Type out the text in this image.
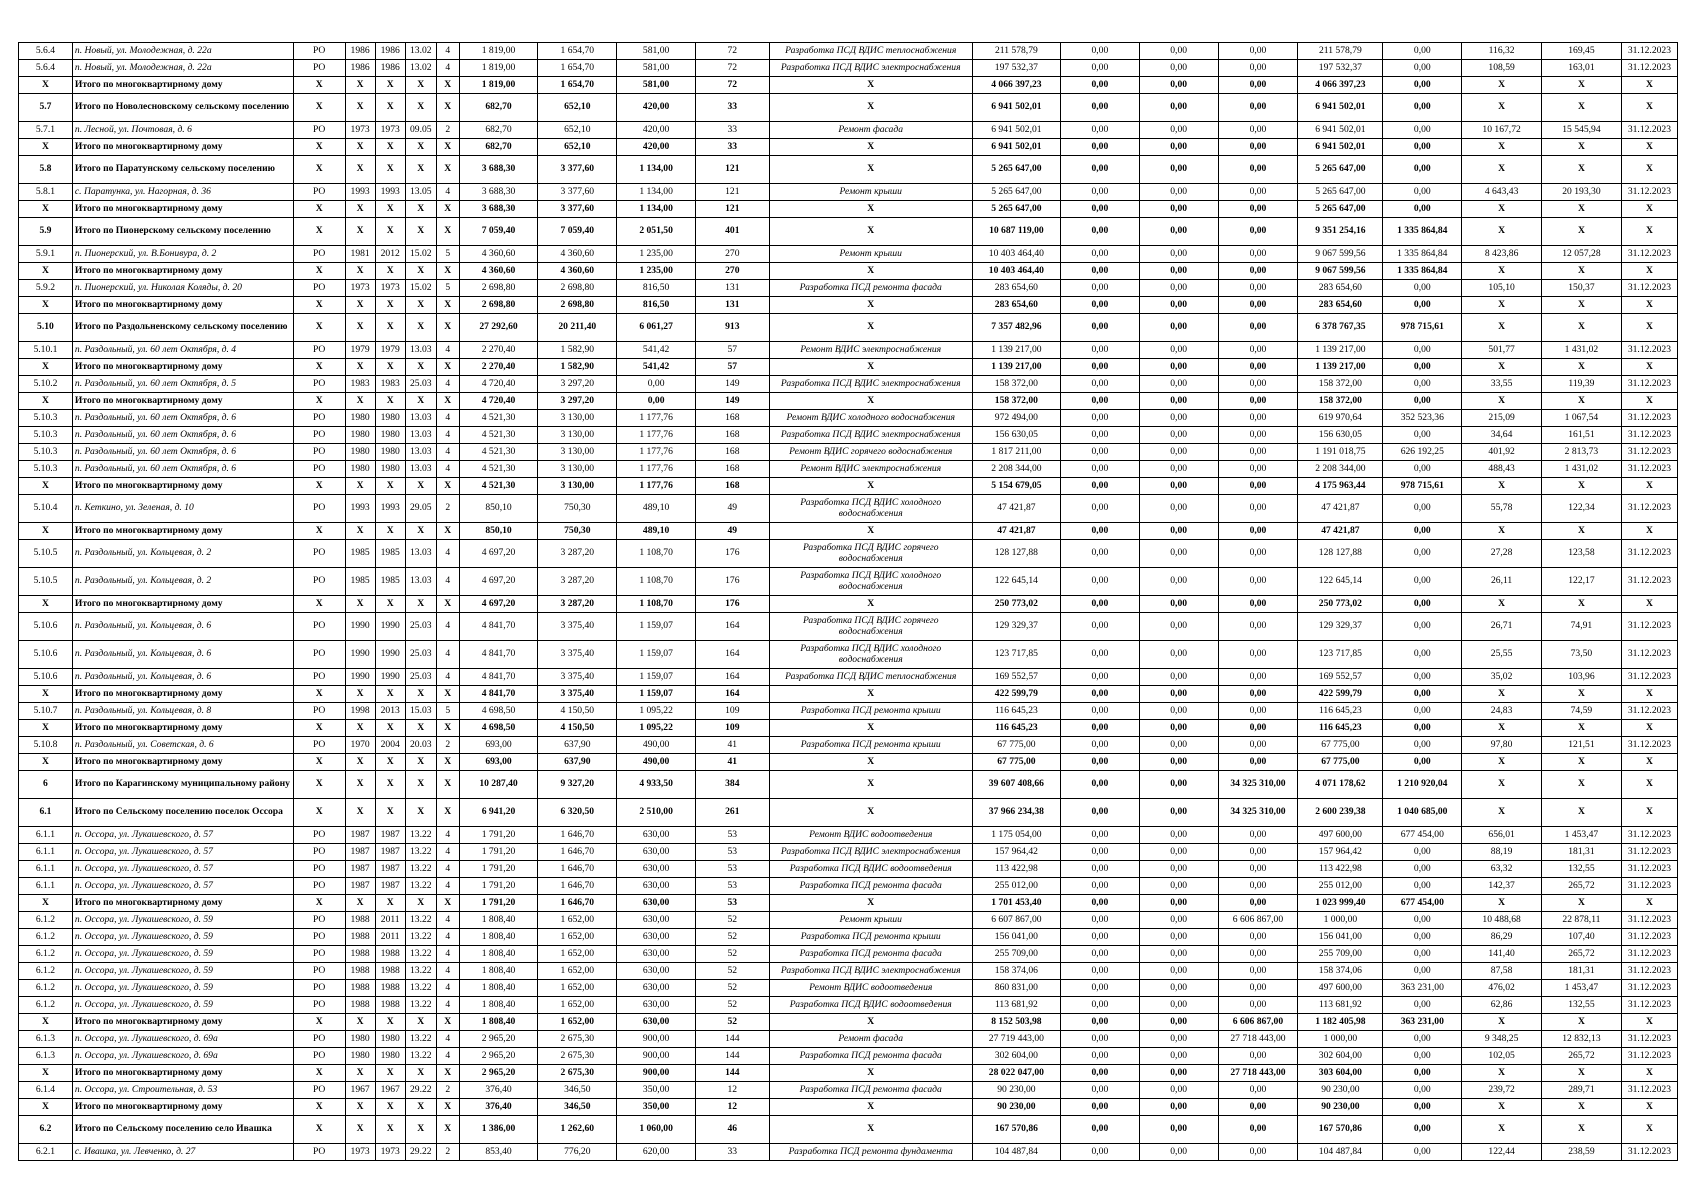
5.6.4	п. Новый, ул. Молодежная, д. 22а	РО	1986	1986	13.02	4	1 819,00	1 654,70	581,00	72	Разработка ПСД ВДИС теплоснабжения	211 578,79	0,00	0,00	0,00	211 578,79	0,00	116,32	169,45	31.12.2023
5.6.4	п. Новый, ул. Молодежная, д. 22а	РО	1986	1986	13.02	4	1 819,00	1 654,70	581,00	72	Разработка ПСД ВДИС электроснабжения	197 532,37	0,00	0,00	0,00	197 532,37	0,00	108,59	163,01	31.12.2023
X	Итого по многоквартирному дому	X	X	X	X	X	1 819,00	1 654,70	581,00	72	X	4 066 397,23	0,00	0,00	0,00	4 066 397,23	0,00	X	X	X
5.7	Итого по Новолесновскому сельскому поселению	X	X	X	X	X	682,70	652,10	420,00	33	X	6 941 502,01	0,00	0,00	0,00	6 941 502,01	0,00	X	X	X
5.7.1	п. Лесной, ул. Почтовая, д. 6	РО	1973	1973	09.05	2	682,70	652,10	420,00	33	Ремонт фасада	6 941 502,01	0,00	0,00	0,00	6 941 502,01	0,00	10 167,72	15 545,94	31.12.2023
X	Итого по многоквартирному дому	X	X	X	X	X	682,70	652,10	420,00	33	X	6 941 502,01	0,00	0,00	0,00	6 941 502,01	0,00	X	X	X
5.8	Итого по Паратунскому сельскому поселению	X	X	X	X	X	3 688,30	3 377,60	1 134,00	121	X	5 265 647,00	0,00	0,00	0,00	5 265 647,00	0,00	X	X	X
5.8.1	с. Паратунка, ул. Нагорная, д. 36	РО	1993	1993	13.05	4	3 688,30	3 377,60	1 134,00	121	Ремонт крыши	5 265 647,00	0,00	0,00	0,00	5 265 647,00	0,00	4 643,43	20 193,30	31.12.2023
X	Итого по многоквартирному дому	X	X	X	X	X	3 688,30	3 377,60	1 134,00	121	X	5 265 647,00	0,00	0,00	0,00	5 265 647,00	0,00	X	X	X
5.9	Итого по Пионерскому сельскому поселению	X	X	X	X	X	7 059,40	7 059,40	2 051,50	401	X	10 687 119,00	0,00	0,00	0,00	9 351 254,16	1 335 864,84	X	X	X
5.9.1	п. Пионерский, ул. В.Бонивура, д. 2	РО	1981	2012	15.02	5	4 360,60	4 360,60	1 235,00	270	Ремонт крыши	10 403 464,40	0,00	0,00	0,00	9 067 599,56	1 335 864,84	8 423,86	12 057,28	31.12.2023
X	Итого по многоквартирному дому	X	X	X	X	X	4 360,60	4 360,60	1 235,00	270	X	10 403 464,40	0,00	0,00	0,00	9 067 599,56	1 335 864,84	X	X	X
5.9.2	п. Пионерский, ул. Николая Коляды, д. 20	РО	1973	1973	15.02	5	2 698,80	2 698,80	816,50	131	Разработка ПСД ремонта фасада	283 654,60	0,00	0,00	0,00	283 654,60	0,00	105,10	150,37	31.12.2023
X	Итого по многоквартирному дому	X	X	X	X	X	2 698,80	2 698,80	816,50	131	X	283 654,60	0,00	0,00	0,00	283 654,60	0,00	X	X	X
5.10	Итого по Раздольненскому сельскому поселению	X	X	X	X	X	27 292,60	20 211,40	6 061,27	913	X	7 357 482,96	0,00	0,00	0,00	6 378 767,35	978 715,61	X	X	X
5.10.1	п. Раздольный, ул. 60 лет Октября, д. 4	РО	1979	1979	13.03	4	2 270,40	1 582,90	541,42	57	Ремонт ВДИС электроснабжения	1 139 217,00	0,00	0,00	0,00	1 139 217,00	0,00	501,77	1 431,02	31.12.2023
X	Итого по многоквартирному дому	X	X	X	X	X	2 270,40	1 582,90	541,42	57	X	1 139 217,00	0,00	0,00	0,00	1 139 217,00	0,00	X	X	X
5.10.2	п. Раздольный, ул. 60 лет Октября, д. 5	РО	1983	1983	25.03	4	4 720,40	3 297,20	0,00	149	Разработка ПСД ВДИС электроснабжения	158 372,00	0,00	0,00	0,00	158 372,00	0,00	33,55	119,39	31.12.2023
X	Итого по многоквартирному дому	X	X	X	X	X	4 720,40	3 297,20	0,00	149	X	158 372,00	0,00	0,00	0,00	158 372,00	0,00	X	X	X
5.10.3	п. Раздольный, ул. 60 лет Октября, д. 6	РО	1980	1980	13.03	4	4 521,30	3 130,00	1 177,76	168	Ремонт ВДИС холодного водоснабжения	972 494,00	0,00	0,00	0,00	619 970,64	352 523,36	215,09	1 067,54	31.12.2023
5.10.3	п. Раздольный, ул. 60 лет Октября, д. 6	РО	1980	1980	13.03	4	4 521,30	3 130,00	1 177,76	168	Разработка ПСД ВДИС электроснабжения	156 630,05	0,00	0,00	0,00	156 630,05	0,00	34,64	161,51	31.12.2023
5.10.3	п. Раздольный, ул. 60 лет Октября, д. 6	РО	1980	1980	13.03	4	4 521,30	3 130,00	1 177,76	168	Ремонт ВДИС горячего водоснабжения	1 817 211,00	0,00	0,00	0,00	1 191 018,75	626 192,25	401,92	2 813,73	31.12.2023
5.10.3	п. Раздольный, ул. 60 лет Октября, д. 6	РО	1980	1980	13.03	4	4 521,30	3 130,00	1 177,76	168	Ремонт ВДИС электроснабжения	2 208 344,00	0,00	0,00	0,00	2 208 344,00	0,00	488,43	1 431,02	31.12.2023
X	Итого по многоквартирному дому	X	X	X	X	X	4 521,30	3 130,00	1 177,76	168	X	5 154 679,05	0,00	0,00	0,00	4 175 963,44	978 715,61	X	X	X
5.10.4	п. Кеткино, ул. Зеленая, д. 10	РО	1993	1993	29.05	2	850,10	750,30	489,10	49	Разработка ПСД ВДИС холодного водоснабжения	47 421,87	0,00	0,00	0,00	47 421,87	0,00	55,78	122,34	31.12.2023
X	Итого по многоквартирному дому	X	X	X	X	X	850,10	750,30	489,10	49	X	47 421,87	0,00	0,00	0,00	47 421,87	0,00	X	X	X
5.10.5	п. Раздольный, ул. Кольцевая, д. 2	РО	1985	1985	13.03	4	4 697,20	3 287,20	1 108,70	176	Разработка ПСД ВДИС горячего водоснабжения	128 127,88	0,00	0,00	0,00	128 127,88	0,00	27,28	123,58	31.12.2023
5.10.5	п. Раздольный, ул. Кольцевая, д. 2	РО	1985	1985	13.03	4	4 697,20	3 287,20	1 108,70	176	Разработка ПСД ВДИС холодного водоснабжения	122 645,14	0,00	0,00	0,00	122 645,14	0,00	26,11	122,17	31.12.2023
X	Итого по многоквартирному дому	X	X	X	X	X	4 697,20	3 287,20	1 108,70	176	X	250 773,02	0,00	0,00	0,00	250 773,02	0,00	X	X	X
5.10.6	п. Раздольный, ул. Кольцевая, д. 6	РО	1990	1990	25.03	4	4 841,70	3 375,40	1 159,07	164	Разработка ПСД ВДИС горячего водоснабжения	129 329,37	0,00	0,00	0,00	129 329,37	0,00	26,71	74,91	31.12.2023
5.10.6	п. Раздольный, ул. Кольцевая, д. 6	РО	1990	1990	25.03	4	4 841,70	3 375,40	1 159,07	164	Разработка ПСД ВДИС холодного водоснабжения	123 717,85	0,00	0,00	0,00	123 717,85	0,00	25,55	73,50	31.12.2023
5.10.6	п. Раздольный, ул. Кольцевая, д. 6	РО	1990	1990	25.03	4	4 841,70	3 375,40	1 159,07	164	Разработка ПСД ВДИС теплоснабжения	169 552,57	0,00	0,00	0,00	169 552,57	0,00	35,02	103,96	31.12.2023
X	Итого по многоквартирному дому	X	X	X	X	X	4 841,70	3 375,40	1 159,07	164	X	422 599,79	0,00	0,00	0,00	422 599,79	0,00	X	X	X
5.10.7	п. Раздольный, ул. Кольцевая, д. 8	РО	1998	2013	15.03	5	4 698,50	4 150,50	1 095,22	109	Разработка ПСД ремонта крыши	116 645,23	0,00	0,00	0,00	116 645,23	0,00	24,83	74,59	31.12.2023
X	Итого по многоквартирному дому	X	X	X	X	X	4 698,50	4 150,50	1 095,22	109	X	116 645,23	0,00	0,00	0,00	116 645,23	0,00	X	X	X
5.10.8	п. Раздольный, ул. Советская, д. 6	РО	1970	2004	20.03	2	693,00	637,90	490,00	41	Разработка ПСД ремонта крыши	67 775,00	0,00	0,00	0,00	67 775,00	0,00	97,80	121,51	31.12.2023
X	Итого по многоквартирному дому	X	X	X	X	X	693,00	637,90	490,00	41	X	67 775,00	0,00	0,00	0,00	67 775,00	0,00	X	X	X
6	Итого по Карагинскому муниципальному району	X	X	X	X	X	10 287,40	9 327,20	4 933,50	384	X	39 607 408,66	0,00	0,00	34 325 310,00	4 071 178,62	1 210 920,04	X	X	X
6.1	Итого по Сельскому поселению поселок Оссора	X	X	X	X	X	6 941,20	6 320,50	2 510,00	261	X	37 966 234,38	0,00	0,00	34 325 310,00	2 600 239,38	1 040 685,00	X	X	X
6.1.1	п. Оссора, ул. Лукашевского, д. 57	РО	1987	1987	13.22	4	1 791,20	1 646,70	630,00	53	Ремонт ВДИС водоотведения	1 175 054,00	0,00	0,00	0,00	497 600,00	677 454,00	656,01	1 453,47	31.12.2023
6.1.1	п. Оссора, ул. Лукашевского, д. 57	РО	1987	1987	13.22	4	1 791,20	1 646,70	630,00	53	Разработка ПСД ВДИС электроснабжения	157 964,42	0,00	0,00	0,00	157 964,42	0,00	88,19	181,31	31.12.2023
6.1.1	п. Оссора, ул. Лукашевского, д. 57	РО	1987	1987	13.22	4	1 791,20	1 646,70	630,00	53	Разработка ПСД ВДИС водоотведения	113 422,98	0,00	0,00	0,00	113 422,98	0,00	63,32	132,55	31.12.2023
6.1.1	п. Оссора, ул. Лукашевского, д. 57	РО	1987	1987	13.22	4	1 791,20	1 646,70	630,00	53	Разработка ПСД ремонта фасада	255 012,00	0,00	0,00	0,00	255 012,00	0,00	142,37	265,72	31.12.2023
X	Итого по многоквартирному дому	X	X	X	X	X	1 791,20	1 646,70	630,00	53	X	1 701 453,40	0,00	0,00	0,00	1 023 999,40	677 454,00	X	X	X
6.1.2	п. Оссора, ул. Лукашевского, д. 59	РО	1988	2011	13.22	4	1 808,40	1 652,00	630,00	52	Ремонт крыши	6 607 867,00	0,00	0,00	6 606 867,00	1 000,00	0,00	10 488,68	22 878,11	31.12.2023
6.1.2	п. Оссора, ул. Лукашевского, д. 59	РО	1988	2011	13.22	4	1 808,40	1 652,00	630,00	52	Разработка ПСД ремонта крыши	156 041,00	0,00	0,00	0,00	156 041,00	0,00	86,29	107,40	31.12.2023
6.1.2	п. Оссора, ул. Лукашевского, д. 59	РО	1988	1988	13.22	4	1 808,40	1 652,00	630,00	52	Разработка ПСД ремонта фасада	255 709,00	0,00	0,00	0,00	255 709,00	0,00	141,40	265,72	31.12.2023
6.1.2	п. Оссора, ул. Лукашевского, д. 59	РО	1988	1988	13.22	4	1 808,40	1 652,00	630,00	52	Разработка ПСД ВДИС электроснабжения	158 374,06	0,00	0,00	0,00	158 374,06	0,00	87,58	181,31	31.12.2023
6.1.2	п. Оссора, ул. Лукашевского, д. 59	РО	1988	1988	13.22	4	1 808,40	1 652,00	630,00	52	Ремонт ВДИС водоотведения	860 831,00	0,00	0,00	0,00	497 600,00	363 231,00	476,02	1 453,47	31.12.2023
6.1.2	п. Оссора, ул. Лукашевского, д. 59	РО	1988	1988	13.22	4	1 808,40	1 652,00	630,00	52	Разработка ПСД ВДИС водоотведения	113 681,92	0,00	0,00	0,00	113 681,92	0,00	62,86	132,55	31.12.2023
X	Итого по многоквартирному дому	X	X	X	X	X	1 808,40	1 652,00	630,00	52	X	8 152 503,98	0,00	0,00	6 606 867,00	1 182 405,98	363 231,00	X	X	X
6.1.3	п. Оссора, ул. Лукашевского, д. 69а	РО	1980	1980	13.22	4	2 965,20	2 675,30	900,00	144	Ремонт фасада	27 719 443,00	0,00	0,00	27 718 443,00	1 000,00	0,00	9 348,25	12 832,13	31.12.2023
6.1.3	п. Оссора, ул. Лукашевского, д. 69а	РО	1980	1980	13.22	4	2 965,20	2 675,30	900,00	144	Разработка ПСД ремонта фасада	302 604,00	0,00	0,00	0,00	302 604,00	0,00	102,05	265,72	31.12.2023
X	Итого по многоквартирному дому	X	X	X	X	X	2 965,20	2 675,30	900,00	144	X	28 022 047,00	0,00	0,00	27 718 443,00	303 604,00	0,00	X	X	X
6.1.4	п. Оссора, ул. Строительная, д. 53	РО	1967	1967	29.22	2	376,40	346,50	350,00	12	Разработка ПСД ремонта фасада	90 230,00	0,00	0,00	0,00	90 230,00	0,00	239,72	289,71	31.12.2023
X	Итого по многоквартирному дому	X	X	X	X	X	376,40	346,50	350,00	12	X	90 230,00	0,00	0,00	0,00	90 230,00	0,00	X	X	X
6.2	Итого по Сельскому поселению село Ивашка	X	X	X	X	X	1 386,00	1 262,60	1 060,00	46	X	167 570,86	0,00	0,00	0,00	167 570,86	0,00	X	X	X
6.2.1	с. Ивашка, ул. Левченко, д. 27	РО	1973	1973	29.22	2	853,40	776,20	620,00	33	Разработка ПСД ремонта фундамента	104 487,84	0,00	0,00	0,00	104 487,84	0,00	122,44	238,59	31.12.2023
